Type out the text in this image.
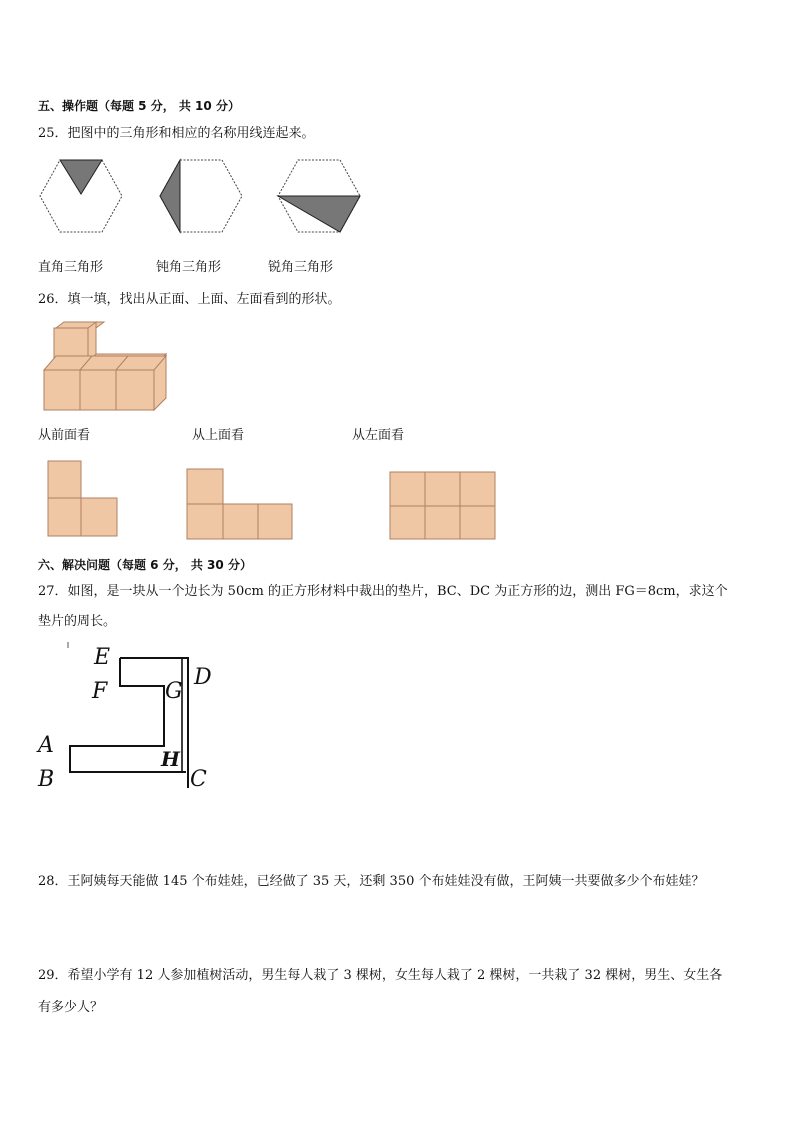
五、操作题（每题 5 分， 共 10 分）
25．把图中的三角形和相应的名称用线连起来。
直角三角形	钝角三角形	锐角三角形
26．填一填，找出从正面、上面、左面看到的形状。
从前面看	从上面看	从左面看
六、解决问题（每题 6 分， 共 30 分）
27．如图，是一块从一个边长为 50cm 的正方形材料中裁出的垫片，BC、DC 为正方形的边，测出 FG＝8cm，求这个
垫片的周长。
E
F	G
D
A
B
H
C
28．王阿姨每天能做 145 个布娃娃，已经做了 35 天，还剩 350 个布娃娃没有做，王阿姨一共要做多少个布娃娃？
29．希望小学有 12 人参加植树活动，男生每人栽了 3 棵树，女生每人栽了 2 棵树，一共栽了 32 棵树，男生、女生各
有多少人？
